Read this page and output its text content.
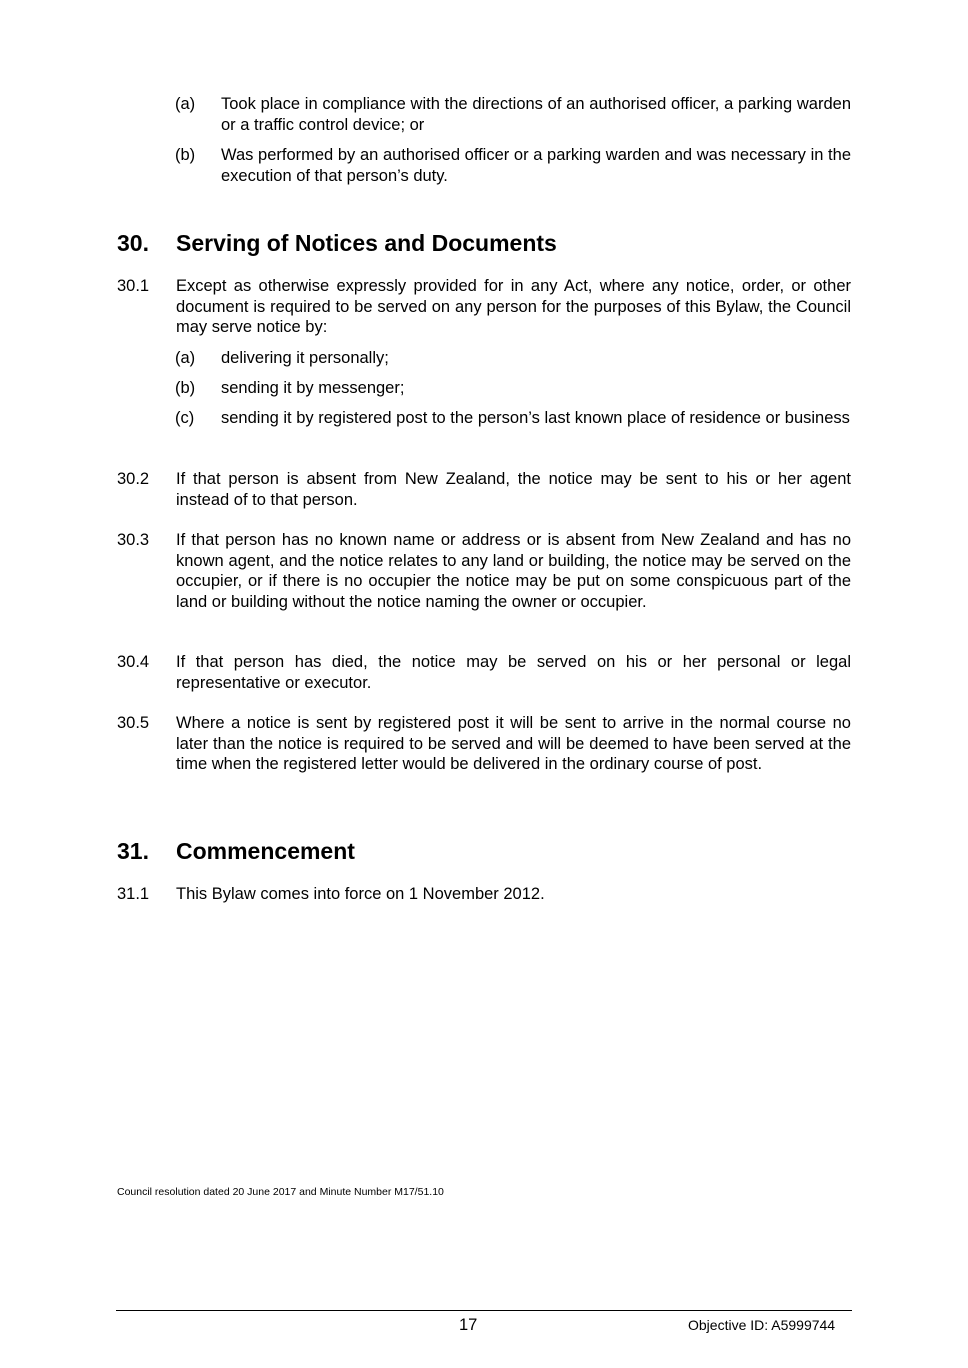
(a) Took place in compliance with the directions of an authorised officer, a parking warden or a traffic control device; or
(b) Was performed by an authorised officer or a parking warden and was necessary in the execution of that person’s duty.
30. Serving of Notices and Documents
30.1 Except as otherwise expressly provided for in any Act, where any notice, order, or other document is required to be served on any person for the purposes of this Bylaw, the Council may serve notice by:
(a) delivering it personally;
(b) sending it by messenger;
(c) sending it by registered post to the person’s last known place of residence or business
30.2 If that person is absent from New Zealand, the notice may be sent to his or her agent instead of to that person.
30.3 If that person has no known name or address or is absent from New Zealand and has no known agent, and the notice relates to any land or building, the notice may be served on the occupier, or if there is no occupier the notice may be put on some conspicuous part of the land or building without the notice naming the owner or occupier.
30.4 If that person has died, the notice may be served on his or her personal or legal representative or executor.
30.5 Where a notice is sent by registered post it will be sent to arrive in the normal course no later than the notice is required to be served and will be deemed to have been served at the time when the registered letter would be delivered in the ordinary course of post.
31. Commencement
31.1 This Bylaw comes into force on 1 November 2012.
Council resolution dated 20 June 2017 and Minute Number M17/51.10
17	Objective ID: A5999744
